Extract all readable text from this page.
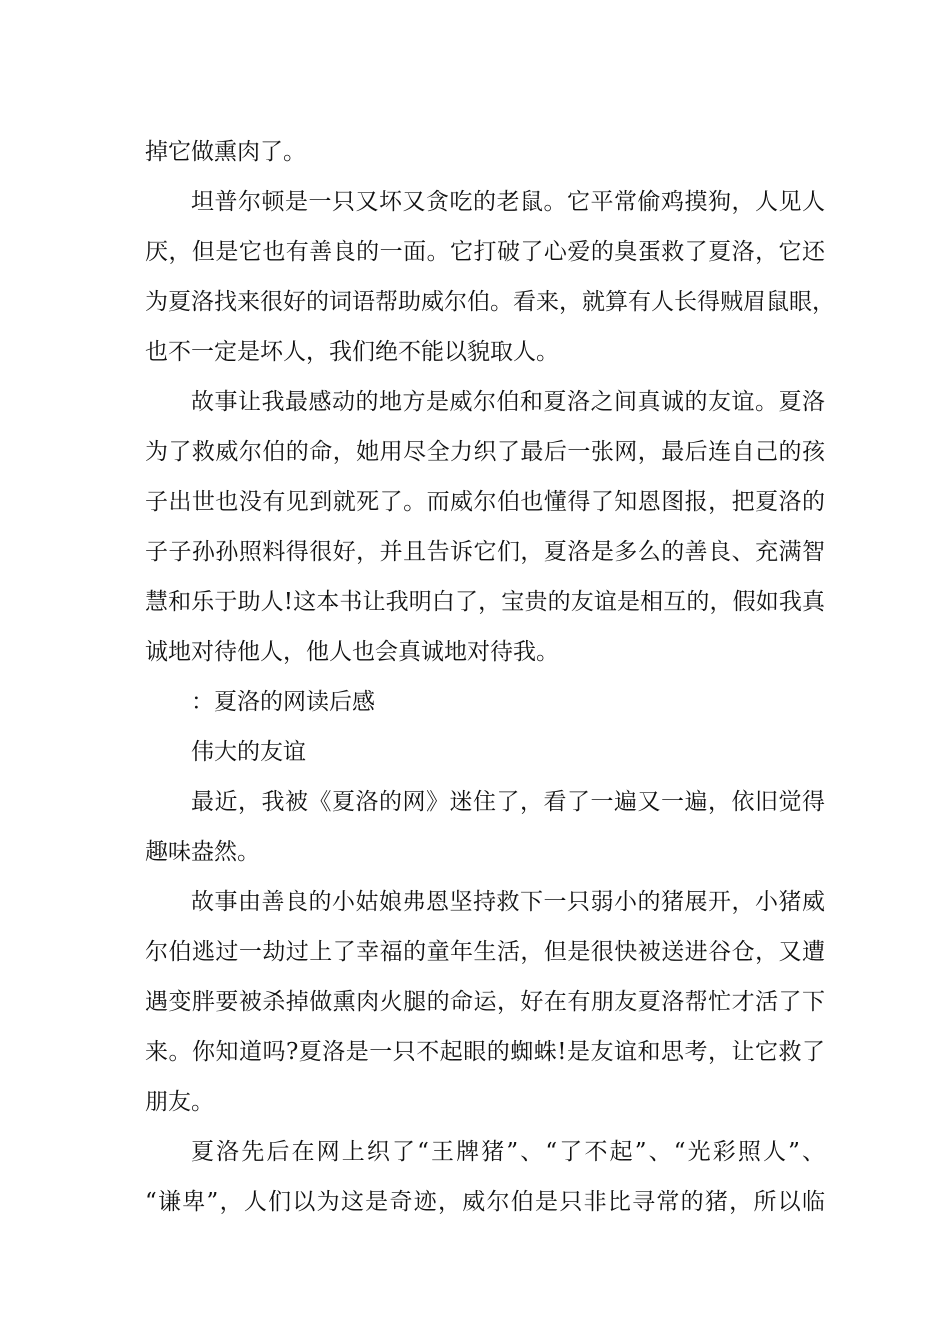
掉它做熏肉了。

坦普尔顿是一只又坏又贪吃的老鼠。它平常偷鸡摸狗，人见人

厌，但是它也有善良的一面。它打破了心爱的臭蛋救了夏洛，它还

为夏洛找来很好的词语帮助威尔伯。看来，就算有人长得贼眉鼠眼，

也不一定是坏人，我们绝不能以貌取人。

故事让我最感动的地方是威尔伯和夏洛之间真诚的友谊。夏洛

为了救威尔伯的命，她用尽全力织了最后一张网，最后连自己的孩

子出世也没有见到就死了。而威尔伯也懂得了知恩图报，把夏洛的

子子孙孙照料得很好，并且告诉它们，夏洛是多么的善良、充满智

慧和乐于助人!这本书让我明白了，宝贵的友谊是相互的，假如我真

诚地对待他人，他人也会真诚地对待我。

：夏洛的网读后感

伟大的友谊

最近，我被《夏洛的网》迷住了，看了一遍又一遍，依旧觉得

趣味盎然。

故事由善良的小姑娘弗恩坚持救下一只弱小的猪展开，小猪威

尔伯逃过一劫过上了幸福的童年生活，但是很快被送进谷仓，又遭

遇变胖要被杀掉做熏肉火腿的命运，好在有朋友夏洛帮忙才活了下

来。你知道吗?夏洛是一只不起眼的蜘蛛!是友谊和思考，让它救了

朋友。

夏洛先后在网上织了“王牌猪”、“了不起”、“光彩照人”、

“谦卑”，人们以为这是奇迹，威尔伯是只非比寻常的猪，所以临
